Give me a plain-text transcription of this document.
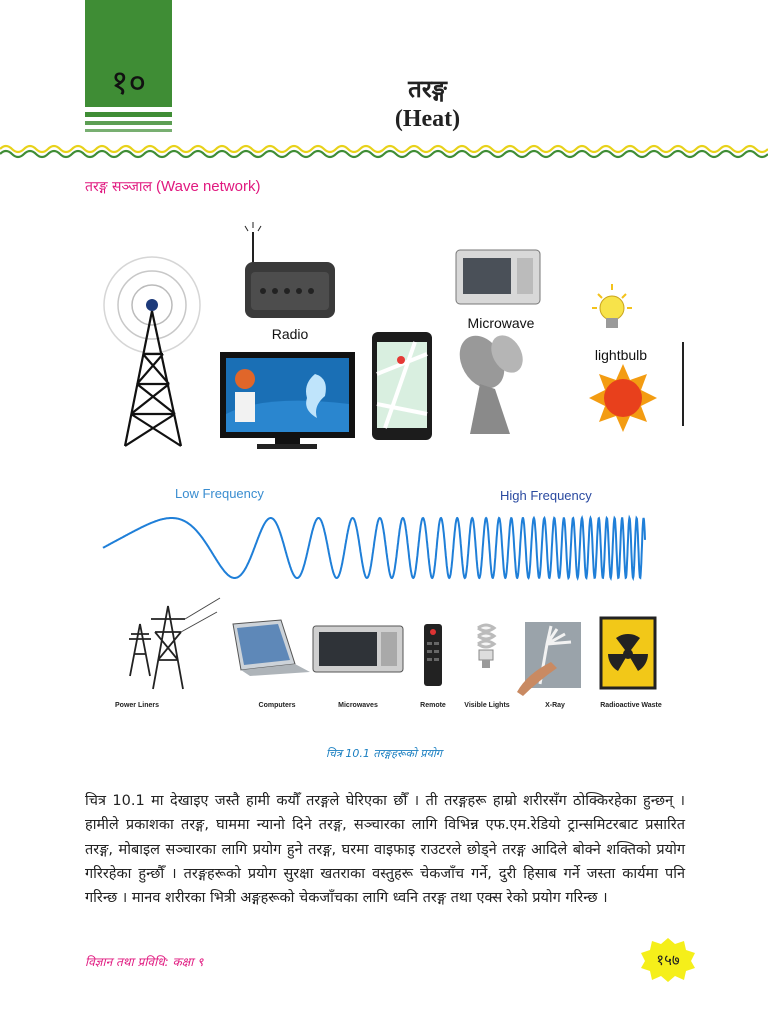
१०	तरङ्ग
(Heat)
तरङ्ग सञ्जाल (Wave network)
Radio
Microwave
lightbulb
Low Frequency	High Frequency
Power Liners	Computers	Microwaves	Remote	Visible Lights	X-Ray	Radioactive Waste
चित्र 10.1 तरङ्गहरूको प्रयोग
चित्र 10.1 मा देखाइए जस्तै हामी कयौँ तरङ्गले घेरिएका छौँ । ती तरङ्गहरू हाम्रो शरीरसँग ठोक्किरहेका हुन्छन् । हामीले प्रकाशका तरङ्ग, घाममा न्यानो दिने तरङ्ग, सञ्चारका लागि विभिन्न एफ.एम.रेडियो ट्रान्समिटरबाट प्रसारित तरङ्ग, मोबाइल सञ्चारका लागि प्रयोग हुने तरङ्ग, घरमा वाइफाइ राउटरले छोड्ने तरङ्ग आदिले बोक्ने शक्तिको प्रयोग गरिरहेका हुन्छौँ । तरङ्गहरूको प्रयोग सुरक्षा खतराका वस्तुहरू चेकजाँच गर्ने, दुरी हिसाब गर्ने जस्ता कार्यमा पनि गरिन्छ । मानव शरीरका भित्री अङ्गहरूको चेकजाँचका लागि ध्वनि तरङ्ग तथा एक्स रेको प्रयोग गरिन्छ ।
विज्ञान तथा प्रविधि: कक्षा ९	१५७
